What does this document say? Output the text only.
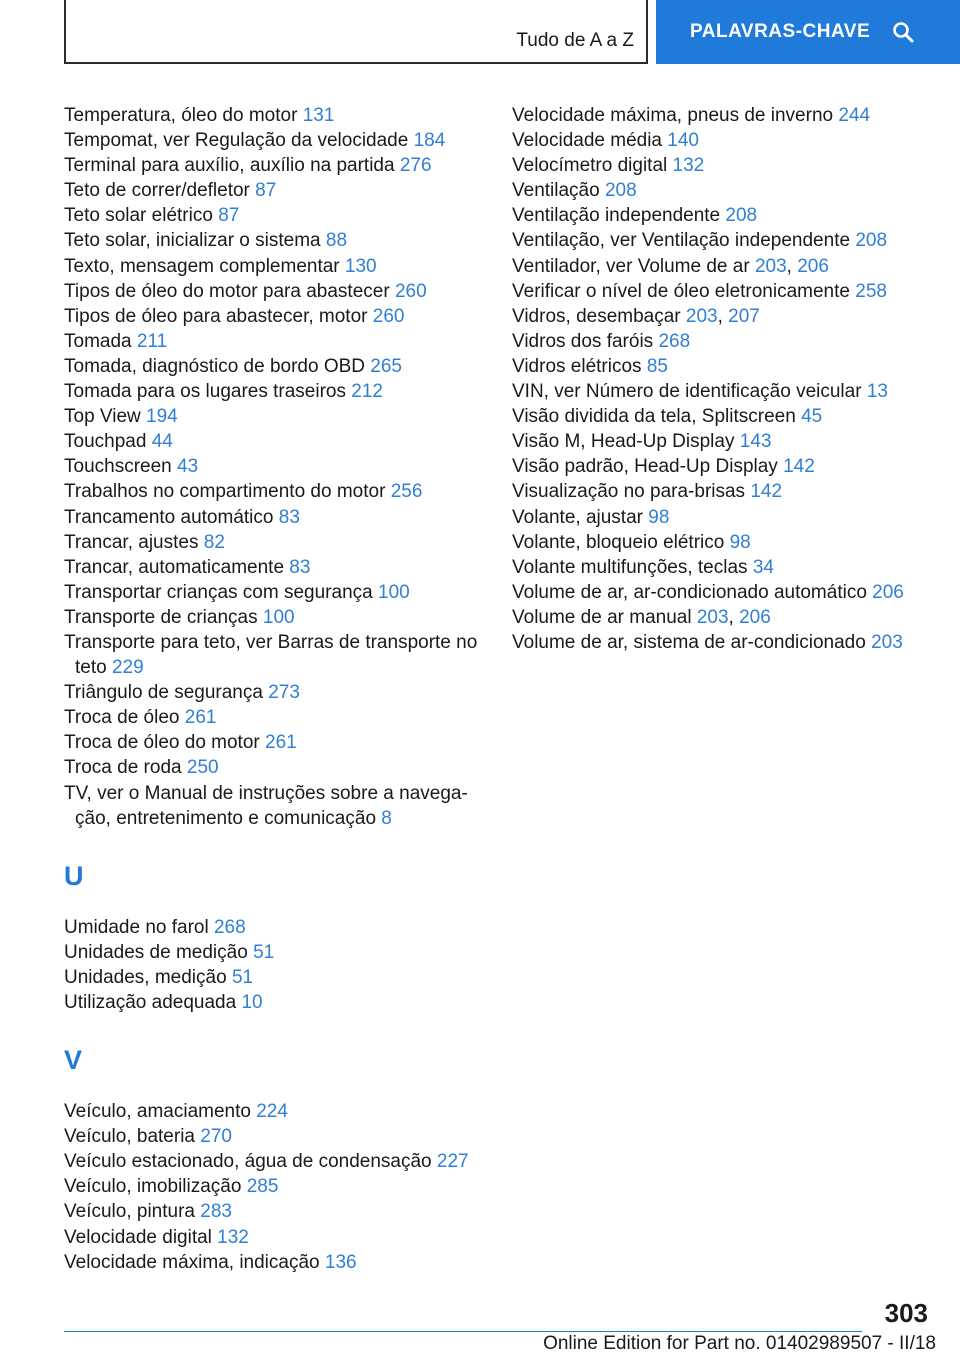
Tudo de A a Z	PALAVRAS-CHAVE
Temperatura, óleo do motor 131
Tempomat, ver Regulação da velocidade 184
Terminal para auxílio, auxílio na partida 276
Teto de correr/defletor 87
Teto solar elétrico 87
Teto solar, inicializar o sistema 88
Texto, mensagem complementar 130
Tipos de óleo do motor para abastecer 260
Tipos de óleo para abastecer, motor 260
Tomada 211
Tomada, diagnóstico de bordo OBD 265
Tomada para os lugares traseiros 212
Top View 194
Touchpad 44
Touchscreen 43
Trabalhos no compartimento do motor 256
Trancamento automático 83
Trancar, ajustes 82
Trancar, automaticamente 83
Transportar crianças com segurança 100
Transporte de crianças 100
Transporte para teto, ver Barras de transporte no teto 229
Triângulo de segurança 273
Troca de óleo 261
Troca de óleo do motor 261
Troca de roda 250
TV, ver o Manual de instruções sobre a navega-ção, entretenimento e comunicação 8
U
Umidade no farol 268
Unidades de medição 51
Unidades, medição 51
Utilização adequada 10
V
Veículo, amaciamento 224
Veículo, bateria 270
Veículo estacionado, água de condensação 227
Veículo, imobilização 285
Veículo, pintura 283
Velocidade digital 132
Velocidade máxima, indicação 136
Velocidade máxima, pneus de inverno 244
Velocidade média 140
Velocímetro digital 132
Ventilação 208
Ventilação independente 208
Ventilação, ver Ventilação independente 208
Ventilador, ver Volume de ar 203, 206
Verificar o nível de óleo eletronicamente 258
Vidros, desembaçar 203, 207
Vidros dos faróis 268
Vidros elétricos 85
VIN, ver Número de identificação veicular 13
Visão dividida da tela, Splitscreen 45
Visão M, Head-Up Display 143
Visão padrão, Head-Up Display 142
Visualização no para-brisas 142
Volante, ajustar 98
Volante, bloqueio elétrico 98
Volante multifunções, teclas 34
Volume de ar, ar-condicionado automático 206
Volume de ar manual 203, 206
Volume de ar, sistema de ar-condicionado 203
303
Online Edition for Part no. 01402989507 - II/18
